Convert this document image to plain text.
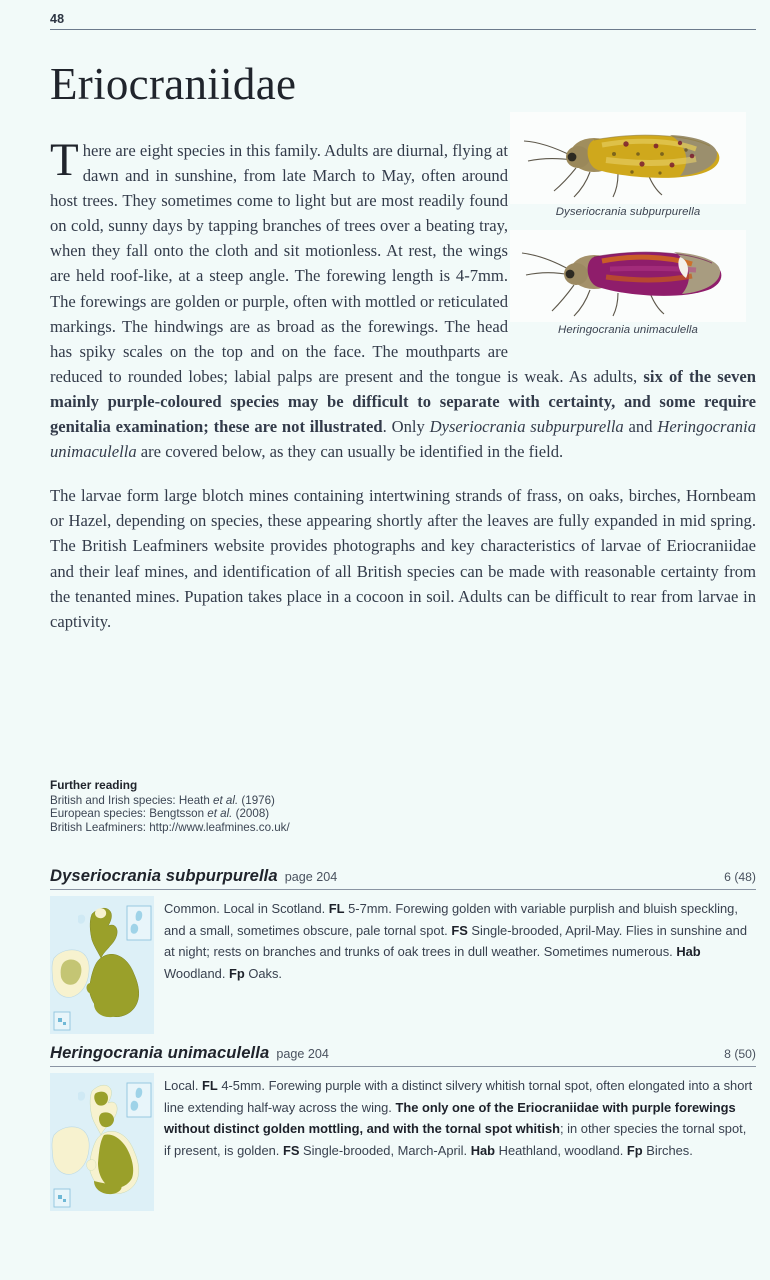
48
Eriocraniidae
Dyseriocrania subpurpurella
Heringocrania unimaculella

There are eight species in this family. Adults are diurnal, flying at dawn and in sunshine, from late March to May, often around host trees. They sometimes come to light but are most readily found on cold, sunny days by tapping branches of trees over a beating tray, when they fall onto the cloth and sit motionless. At rest, the wings are held roof-like, at a steep angle. The forewing length is 4-7mm. The forewings are golden or purple, often with mottled or reticulated markings. The hindwings are as broad as the forewings. The head has spiky scales on the top and on the face. The mouthparts are reduced to rounded lobes; labial palps are present and the tongue is weak. As adults, six of the seven mainly purple-coloured species may be difficult to separate with certainty, and some require genitalia examination; these are not illustrated. Only Dyseriocrania subpurpurella and Heringocrania unimaculella are covered below, as they can usually be identified in the field.

The larvae form large blotch mines containing intertwining strands of frass, on oaks, birches, Hornbeam or Hazel, depending on species, these appearing shortly after the leaves are fully expanded in mid spring. The British Leafminers website provides photographs and key characteristics of larvae of Eriocraniidae and their leaf mines, and identification of all British species can be made with reasonable certainty from the tenanted mines. Pupation takes place in a cocoon in soil. Adults can be difficult to rear from larvae in captivity.

Further reading
British and Irish species: Heath et al. (1976)
European species: Bengtsson et al. (2008)
British Leafminers: http://www.leafmines.co.uk/
Dyseriocrania subpurpurella page 204	6 (48)
Common. Local in Scotland. FL 5-7mm. Forewing golden with variable purplish and bluish speckling, and a small, sometimes obscure, pale tornal spot. FS Single-brooded, April-May. Flies in sunshine and at night; rests on branches and trunks of oak trees in dull weather. Sometimes numerous. Hab Woodland. Fp Oaks.
Heringocrania unimaculella page 204	8 (50)
Local. FL 4-5mm. Forewing purple with a distinct silvery whitish tornal spot, often elongated into a short line extending half-way across the wing. The only one of the Eriocraniidae with purple forewings without distinct golden mottling, and with the tornal spot whitish; in other species the tornal spot, if present, is golden. FS Single-brooded, March-April. Hab Heathland, woodland. Fp Birches.
